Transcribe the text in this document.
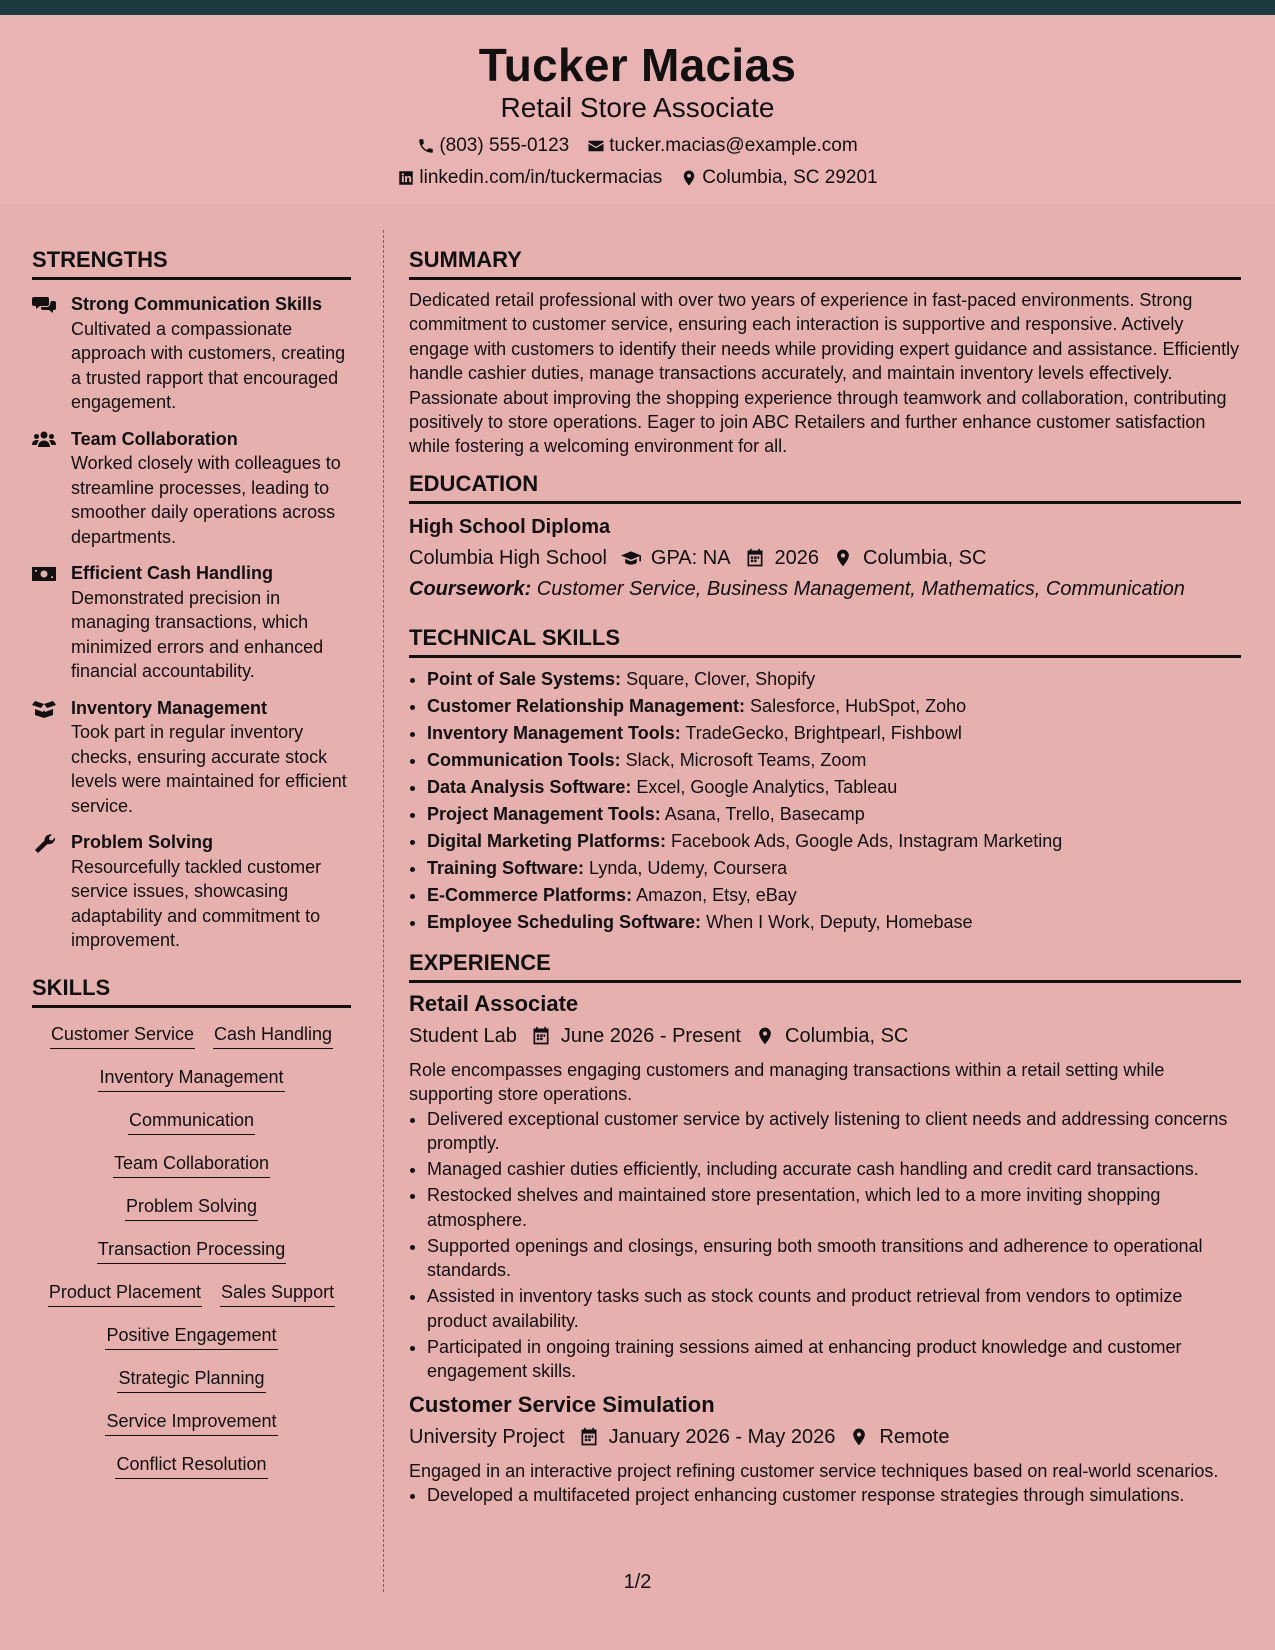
Tucker Macias
Retail Store Associate
(803) 555-0123 tucker.macias@example.com
linkedin.com/in/tuckermacias Columbia, SC 29201
STRENGTHS
Strong Communication Skills
Cultivated a compassionate approach with customers, creating a trusted rapport that encouraged engagement.
Team Collaboration
Worked closely with colleagues to streamline processes, leading to smoother daily operations across departments.
Efficient Cash Handling
Demonstrated precision in managing transactions, which minimized errors and enhanced financial accountability.
Inventory Management
Took part in regular inventory checks, ensuring accurate stock levels were maintained for efficient service.
Problem Solving
Resourcefully tackled customer service issues, showcasing adaptability and commitment to improvement.
SKILLS
Customer Service Cash Handling
Inventory Management
Communication
Team Collaboration
Problem Solving
Transaction Processing
Product Placement Sales Support
Positive Engagement
Strategic Planning
Service Improvement
Conflict Resolution
SUMMARY

Dedicated retail professional with over two years of experience in fast-paced environments. Strong commitment to customer service, ensuring each interaction is supportive and responsive. Actively engage with customers to identify their needs while providing expert guidance and assistance. Efficiently handle cashier duties, manage transactions accurately, and maintain inventory levels effectively. Passionate about improving the shopping experience through teamwork and collaboration, contributing positively to store operations. Eager to join ABC Retailers and further enhance customer satisfaction while fostering a welcoming environment for all.

EDUCATION
High School Diploma
Columbia High School GPA: NA 2026 Columbia, SC
Coursework: Customer Service, Business Management, Mathematics, Communication
TECHNICAL SKILLS
• Point of Sale Systems: Square, Clover, Shopify
• Customer Relationship Management: Salesforce, HubSpot, Zoho
• Inventory Management Tools: TradeGecko, Brightpearl, Fishbowl
• Communication Tools: Slack, Microsoft Teams, Zoom
• Data Analysis Software: Excel, Google Analytics, Tableau
• Project Management Tools: Asana, Trello, Basecamp
• Digital Marketing Platforms: Facebook Ads, Google Ads, Instagram Marketing
• Training Software: Lynda, Udemy, Coursera
• E-Commerce Platforms: Amazon, Etsy, eBay
• Employee Scheduling Software: When I Work, Deputy, Homebase
EXPERIENCE
Retail Associate
Student Lab June 2026 - Present Columbia, SC
Role encompasses engaging customers and managing transactions within a retail setting while supporting store operations.
• Delivered exceptional customer service by actively listening to client needs and addressing concerns promptly.
• Managed cashier duties efficiently, including accurate cash handling and credit card transactions.
• Restocked shelves and maintained store presentation, which led to a more inviting shopping atmosphere.
• Supported openings and closings, ensuring both smooth transitions and adherence to operational standards.
• Assisted in inventory tasks such as stock counts and product retrieval from vendors to optimize product availability.
• Participated in ongoing training sessions aimed at enhancing product knowledge and customer engagement skills.
Customer Service Simulation
University Project January 2026 - May 2026 Remote
Engaged in an interactive project refining customer service techniques based on real-world scenarios.
• Developed a multifaceted project enhancing customer response strategies through simulations.
1/2
